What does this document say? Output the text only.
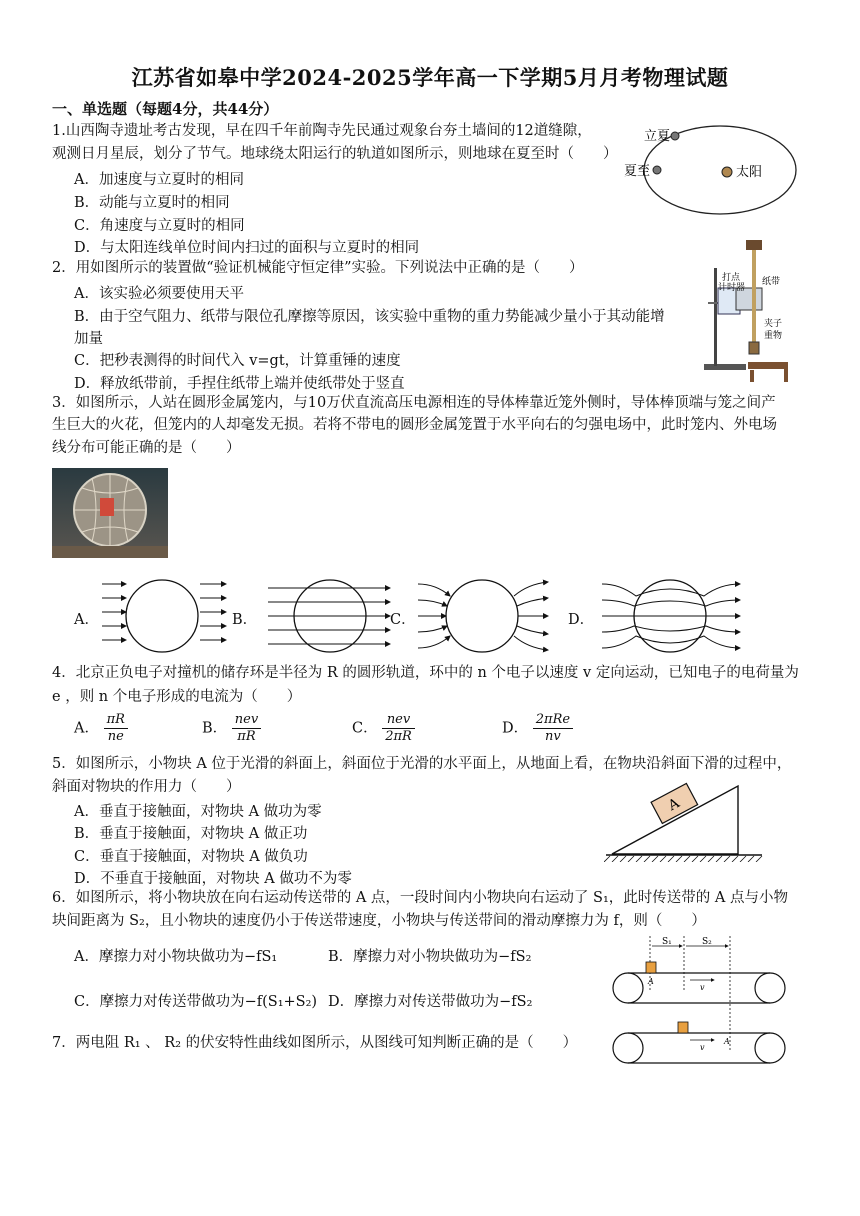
江苏省如皋中学2024-2025学年高一下学期5月月考物理试题
一、单选题（每题4分，共44分）
1.山西陶寺遗址考古发现，早在四千年前陶寺先民通过观象台夯土墙间的12道缝隙，
观测日月星辰，划分了节气。地球绕太阳运行的轨道如图所示，则地球在夏至时（　　）
A．加速度与立夏时的相同
B．动能与立夏时的相同
C．角速度与立夏时的相同
D．与太阳连线单位时间内扫过的面积与立夏时的相同
立夏
夏至	太阳
2．用如图所示的装置做“验证机械能守恒定律”实验。下列说法中正确的是（　　）
A．该实验必须要使用天平
B．由于空气阻力、纸带与限位孔摩擦等原因，该实验中重物的重力势能减少量小于其动能增
加量
C．把秒表测得的时间代入 v=gt，计算重锤的速度
D．释放纸带前，手捏住纸带上端并使纸带处于竖直
打点
计时器
纸带
夹子
重物
3．如图所示，人站在圆形金属笼内，与10万伏直流高压电源相连的导体棒靠近笼外侧时，导体棒顶端与笼之间产
生巨大的火花，但笼内的人却毫发无损。若将不带电的圆形金属笼置于水平向右的匀强电场中，此时笼内、外电场
线分布可能正确的是（　　）
A．	B．	C．	D．
4．北京正负电子对撞机的储存环是半径为 R 的圆形轨道，环中的 n 个电子以速度 v 定向运动，已知电子的电荷量为
e ，则 n 个电子形成的电流为（　　）
A． $\frac{\pi R}{ne}$	B． $\frac{\text{nev}}{\pi R}$	C． $\frac{\text{nev}}{2\pi R}$	D． $\frac{\text{2πRe}}{nv}$
5．如图所示，小物块 A 位于光滑的斜面上，斜面位于光滑的水平面上，从地面上看，在物块沿斜面下滑的过程中，
斜面对物块的作用力（　　）
A．垂直于接触面，对物块 A 做功为零
B．垂直于接触面，对物块 A 做正功
C．垂直于接触面，对物块 A 做负功
D．不垂直于接触面，对物块 A 做功不为零
A
6．如图所示，将小物块放在向右运动传送带的 A 点，一段时间内小物块向右运动了 S₁，此时传送带的 A 点与小物
块间距离为 S₂，且小物块的速度仍小于传送带速度，小物块与传送带间的滑动摩擦力为 f，则（　　）
A．摩擦力对小物块做功为−fS₁	B．摩擦力对小物块做功为−fS₂
C．摩擦力对传送带做功为−f(S₁+S₂) D．摩擦力对传送带做功为−fS₂
S₁	S₂
A
v
A
v
7．两电阻 R₁ 、 R₂ 的伏安特性曲线如图所示，从图线可知判断正确的是（　　）
